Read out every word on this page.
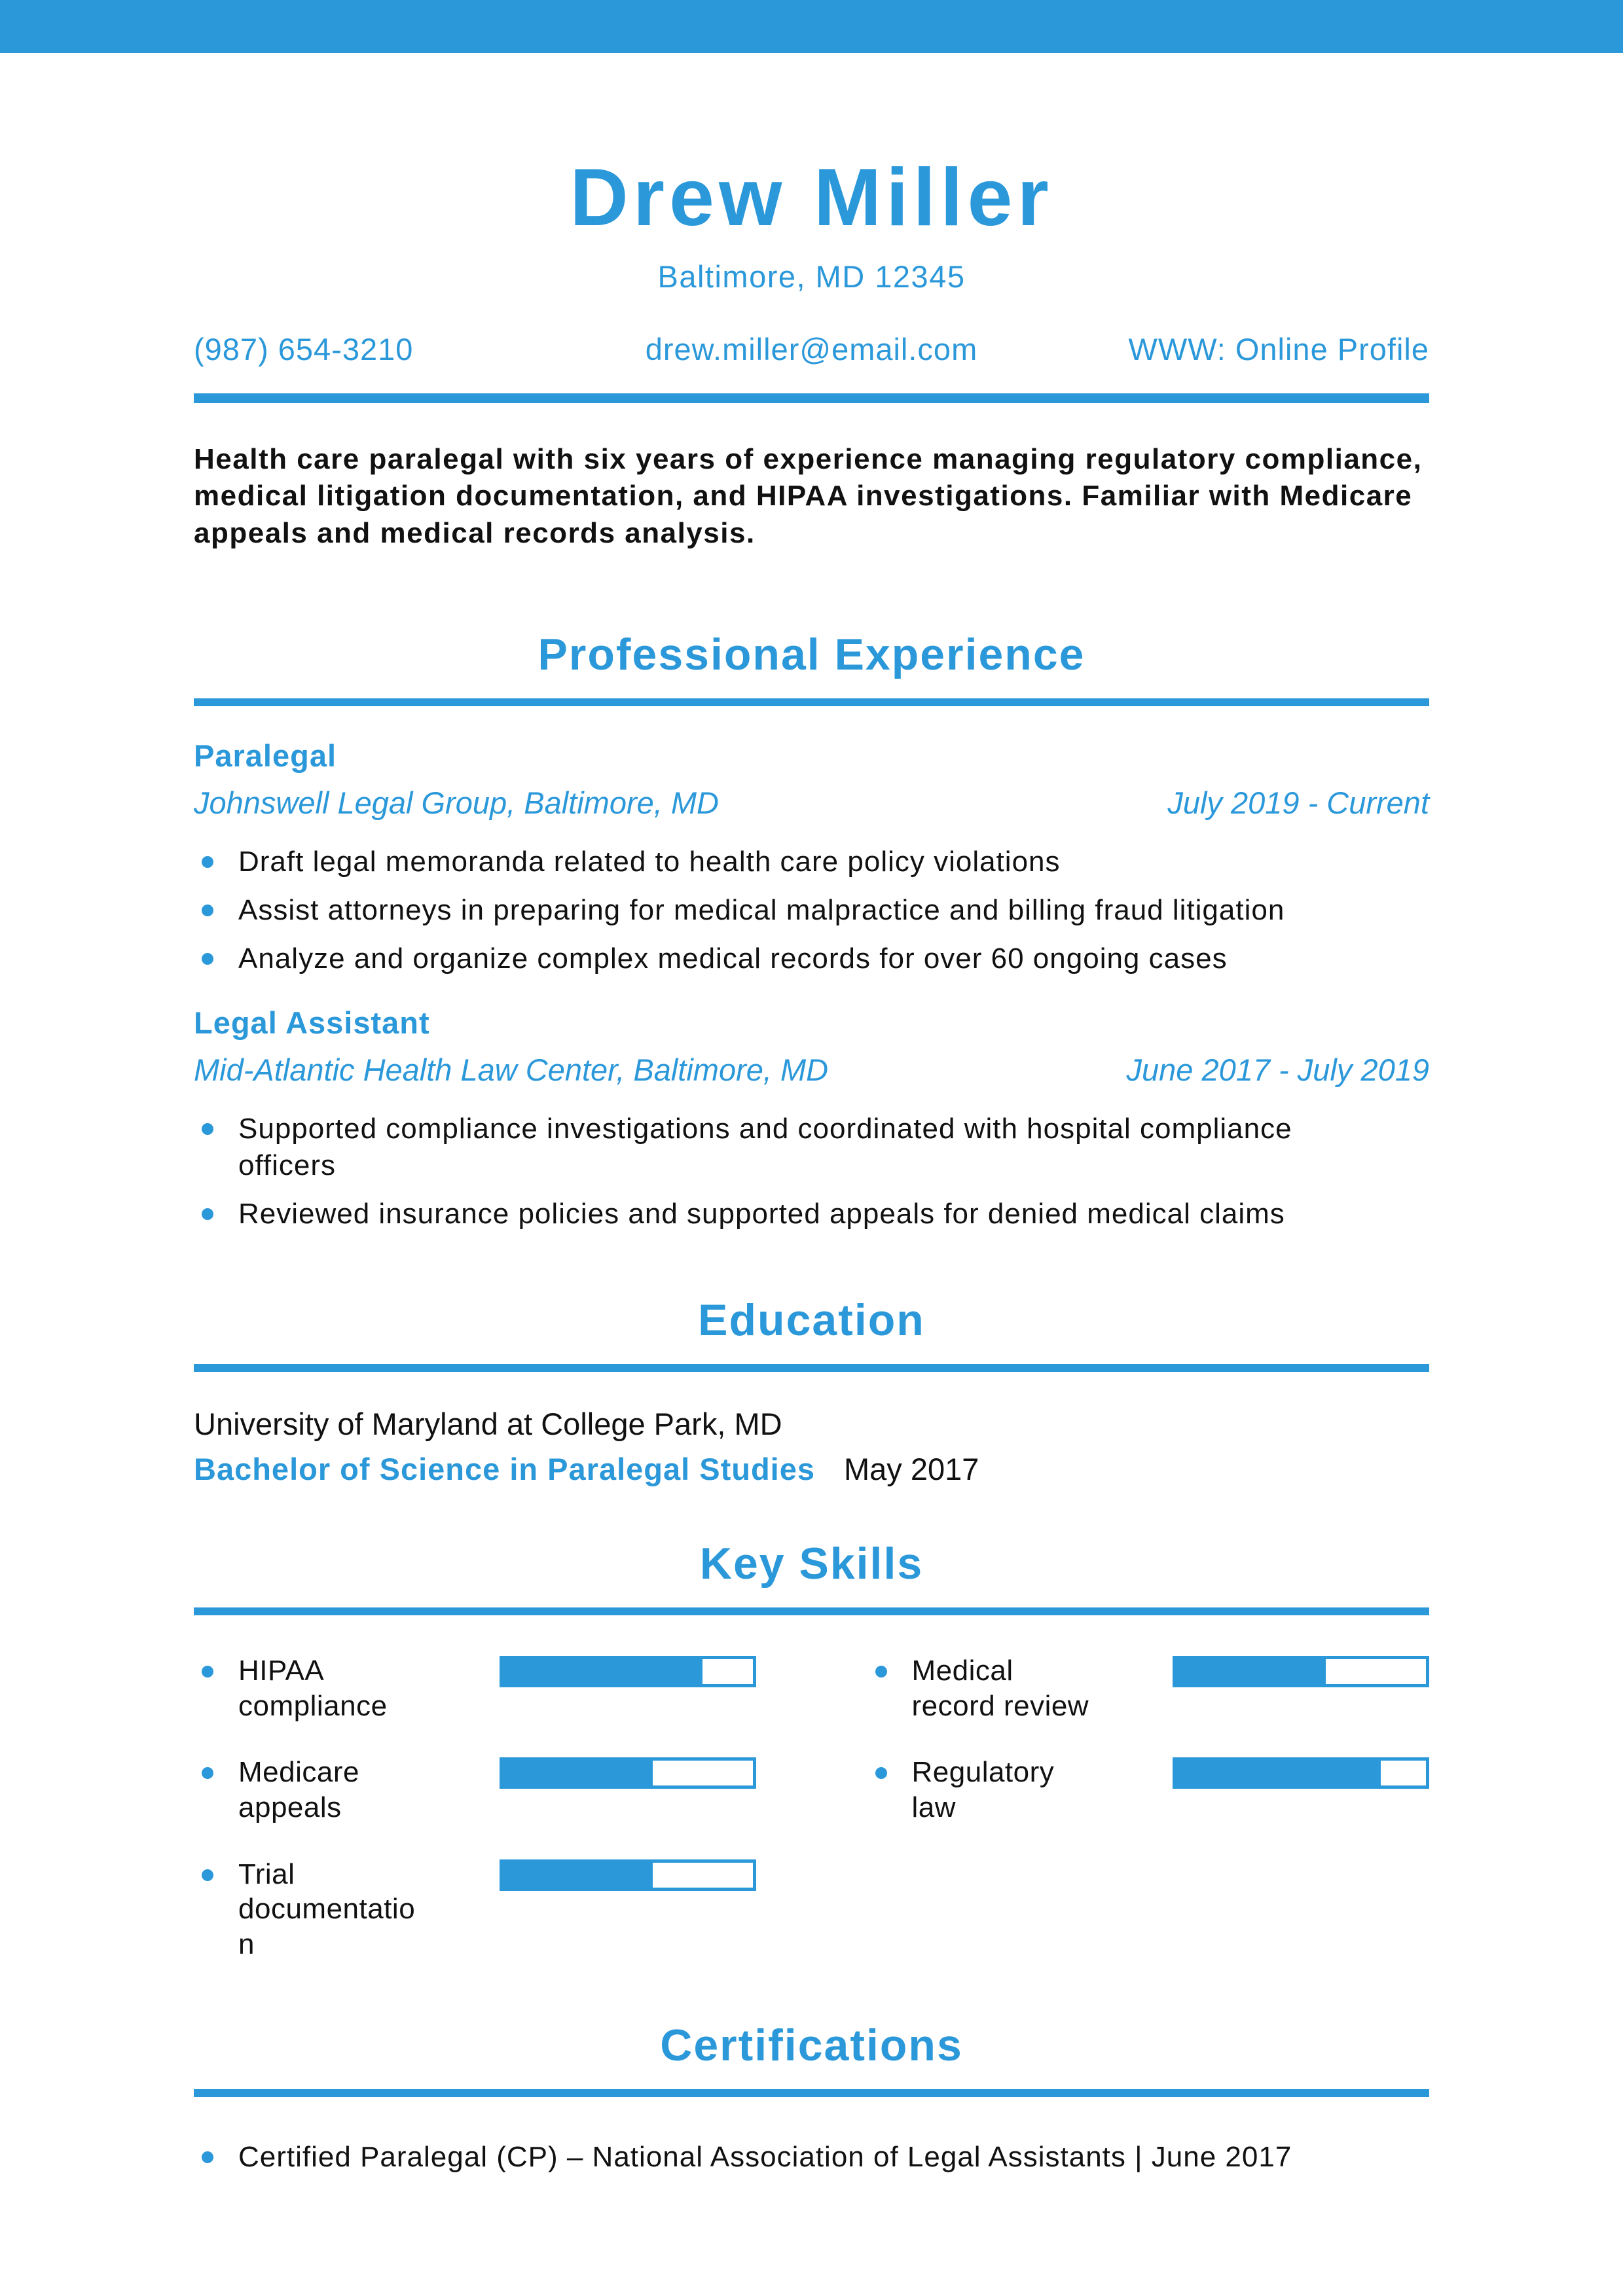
Drew Miller
Baltimore, MD 12345
(987) 654-3210	drew.miller@email.com	WWW: Online Profile

Health care paralegal with six years of experience managing regulatory compliance, medical litigation documentation, and HIPAA investigations. Familiar with Medicare appeals and medical records analysis.

Professional Experience
Paralegal
Johnswell Legal Group, Baltimore, MD	July 2019 - Current
Draft legal memoranda related to health care policy violations
Assist attorneys in preparing for medical malpractice and billing fraud litigation
Analyze and organize complex medical records for over 60 ongoing cases
Legal Assistant
Mid-Atlantic Health Law Center, Baltimore, MD	June 2017 - July 2019
Supported compliance investigations and coordinated with hospital compliance officers
Reviewed insurance policies and supported appeals for denied medical claims
Education
University of Maryland at College Park, MD
Bachelor of Science in Paralegal Studies May 2017
Key Skills
HIPAA compliance
Medical record review
Medicare appeals
Regulatory law
Trial documentation
Certifications
Certified Paralegal (CP) – National Association of Legal Assistants | June 2017
